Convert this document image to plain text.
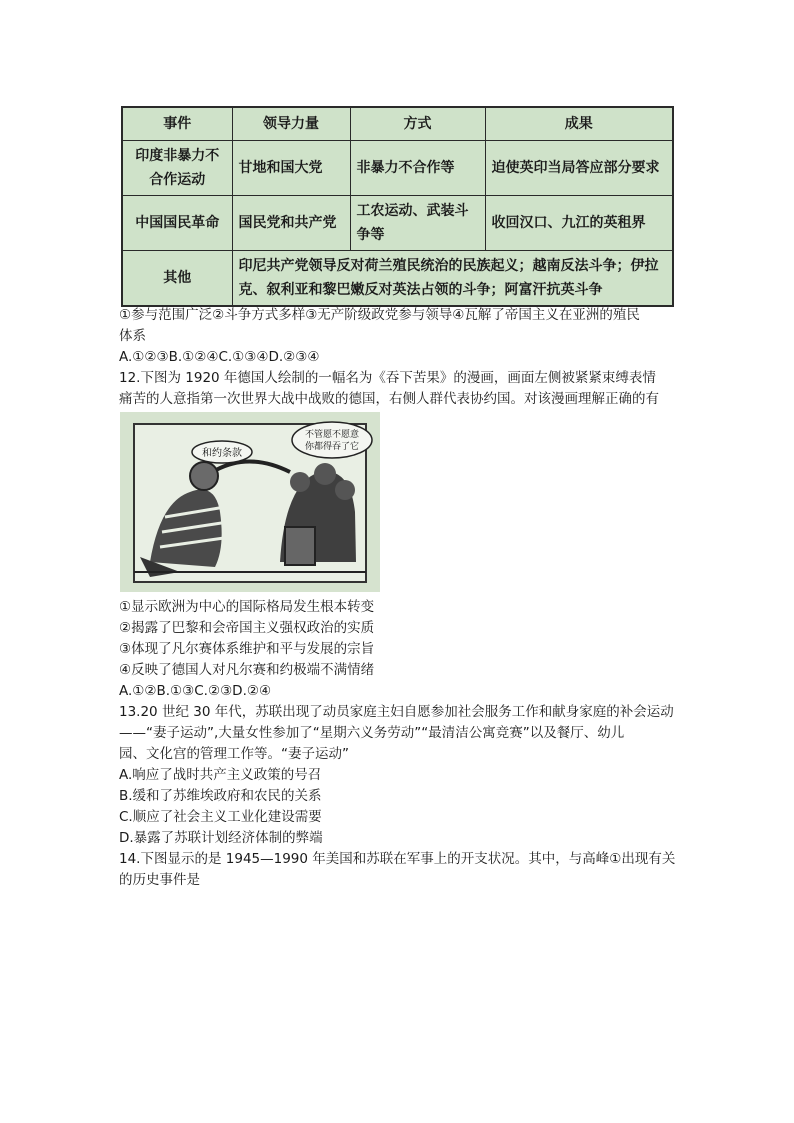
事件	领导力量	方式	成果
印度非暴力不合作运动	甘地和国大党	非暴力不合作等	迫使英印当局答应部分要求
中国国民革命	国民党和共产党	工农运动、武装斗争等	收回汉口、九江的英租界
其他	印尼共产党领导反对荷兰殖民统治的民族起义；越南反法斗争；伊拉克、叙利亚和黎巴嫩反对英法占领的斗争；阿富汗抗英斗争		
①参与范围广泛②斗争方式多样③无产阶级政党参与领导④瓦解了帝国主义在亚洲的殖民
体系
A.①②③B.①②④C.①③④D.②③④
12.下图为 1920 年德国人绘制的一幅名为《吞下苦果》的漫画，画面左侧被紧紧束缚表情
痛苦的人意指第一次世界大战中战败的德国，右侧人群代表协约国。对该漫画理解正确的有
和约条款
不管愿不愿意
你都得吞了它
①显示欧洲为中心的国际格局发生根本转变
②揭露了巴黎和会帝国主义强权政治的实质
③体现了凡尔赛体系维护和平与发展的宗旨
④反映了德国人对凡尔赛和约极端不满情绪
A.①②B.①③C.②③D.②④
13.20 世纪 30 年代，苏联出现了动员家庭主妇自愿参加社会服务工作和献身家庭的补会运动
——“妻子运动”,大量女性参加了“星期六义务劳动”“最清洁公寓竞赛”以及餐厅、幼儿
园、文化宫的管理工作等。“妻子运动”
A.响应了战时共产主义政策的号召
B.缓和了苏维埃政府和农民的关系
C.顺应了社会主义工业化建设需要
D.暴露了苏联计划经济体制的弊端
14.下图显示的是 1945—1990 年美国和苏联在军事上的开支状况。其中，与高峰①出现有关
的历史事件是
